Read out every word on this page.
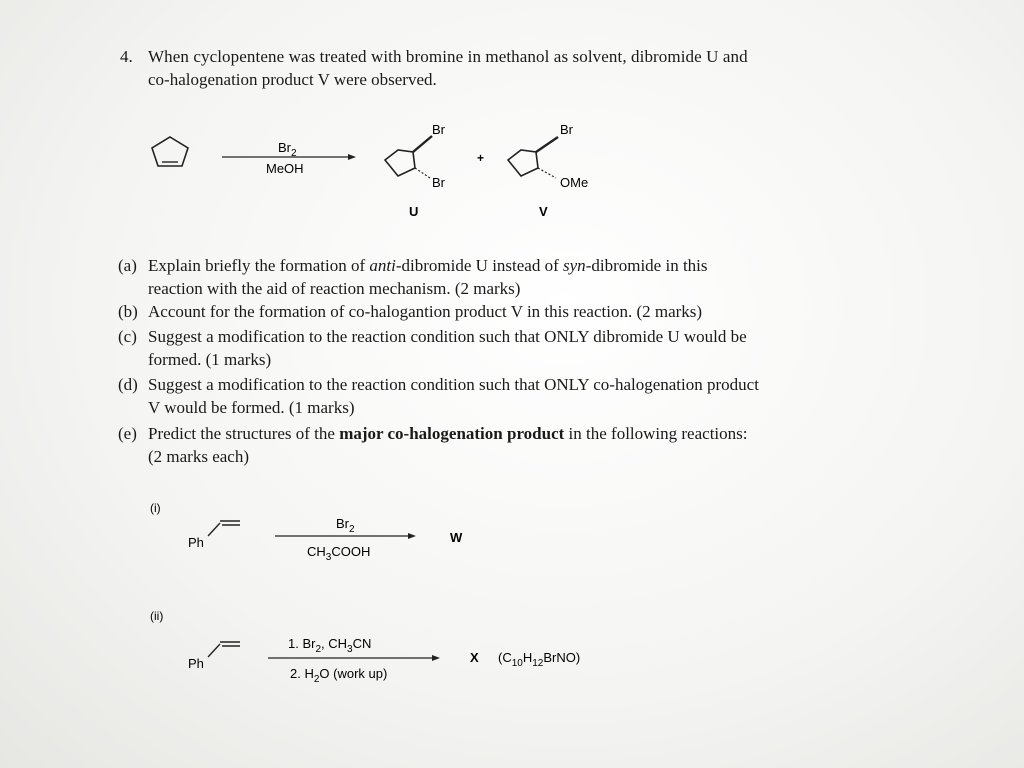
4. When cyclopentene was treated with bromine in methanol as solvent, dibromide U and
co-halogenation product V were observed.
$Br_2$
MeOH
Br
Br
U
+
Br
OMe
V
(a) Explain briefly the formation of anti-dibromide U instead of syn-dibromide in this
reaction with the aid of reaction mechanism. (2 marks)
(b) Account for the formation of co-halogantion product V in this reaction. (2 marks)
(c) Suggest a modification to the reaction condition such that ONLY dibromide U would be
formed. (1 marks)
(d) Suggest a modification to the reaction condition such that ONLY co-halogenation product
V would be formed. (1 marks)
(e) Predict the structures of the major co-halogenation product in the following reactions:
(2 marks each)
(i)
Ph
$Br_2$
$CH_3COOH$
W
(ii)
Ph
1. $Br_2$, $CH_3CN$
2. $H_2O$ (work up)
X $(C_{10}H_{12}BrNO)$
